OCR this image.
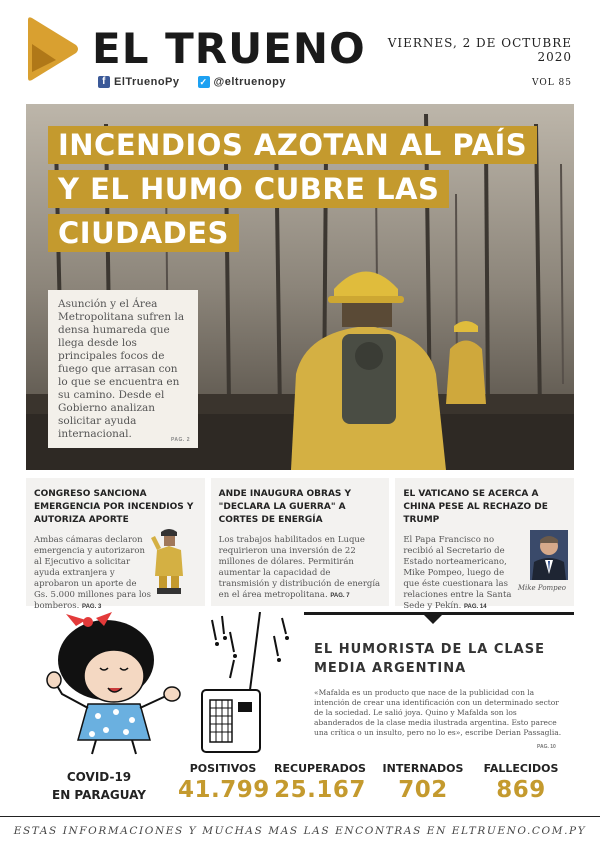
EL TRUENO
f ElTruenoPy ✓ @eltruenopy
VIERNES, 2 DE OCTUBRE
2020
VOL 85
INCENDIOS AZOTAN AL PAÍS
Y EL HUMO CUBRE LAS
CIUDADES
Asunción y el Área Metropolitana sufren la densa humareda que llega desde los principales focos de fuego que arrasan con lo que se encuentra en su camino. Desde el Gobierno analizan solicitar ayuda internacional.	PAG. 2
CONGRESO SANCIONA EMERGENCIA POR INCENDIOS Y AUTORIZA APORTE
Ambas cámaras declaron emergencia y autorizaron al Ejecutivo a solicitar ayuda extranjera y aprobaron un aporte de Gs. 5.000 millones para los bomberos. PAG. 3
ANDE INAUGURA OBRAS Y "DECLARA LA GUERRA" A CORTES DE ENERGÍA
Los trabajos habilitados en Luque requirieron una inversión de 22 millones de dólares. Permitirán aumentar la capacidad de transmisión y distribución de energía en el área metropolitana. PAG. 7
EL VATICANO SE ACERCA A CHINA PESE AL RECHAZO DE TRUMP
El Papa Francisco no recibió al Secretario de Estado norteamericano, Mike Pompeo, luego de que éste cuestionara las relaciones entre la Santa Sede y Pekín. PAG. 14
Mike Pompeo
EL HUMORISTA DE LA CLASE
MEDIA ARGENTINA
«Mafalda es un producto que nace de la publicidad con la intención de crear una identificación con un determinado sector de la sociedad. Le salió joya. Quino y Mafalda son los abanderados de la clase media ilustrada argentina. Esto parece una crítica o un insulto, pero no lo es», escribe Derian Passaglia.
PAG. 10
COVID-19
EN PARAGUAY
POSITIVOS
41.799
RECUPERADOS
25.167
INTERNADOS
702
FALLECIDOS
869
ESTAS INFORMACIONES Y MUCHAS MAS LAS ENCONTRAS EN ELTRUENO.COM.PY
